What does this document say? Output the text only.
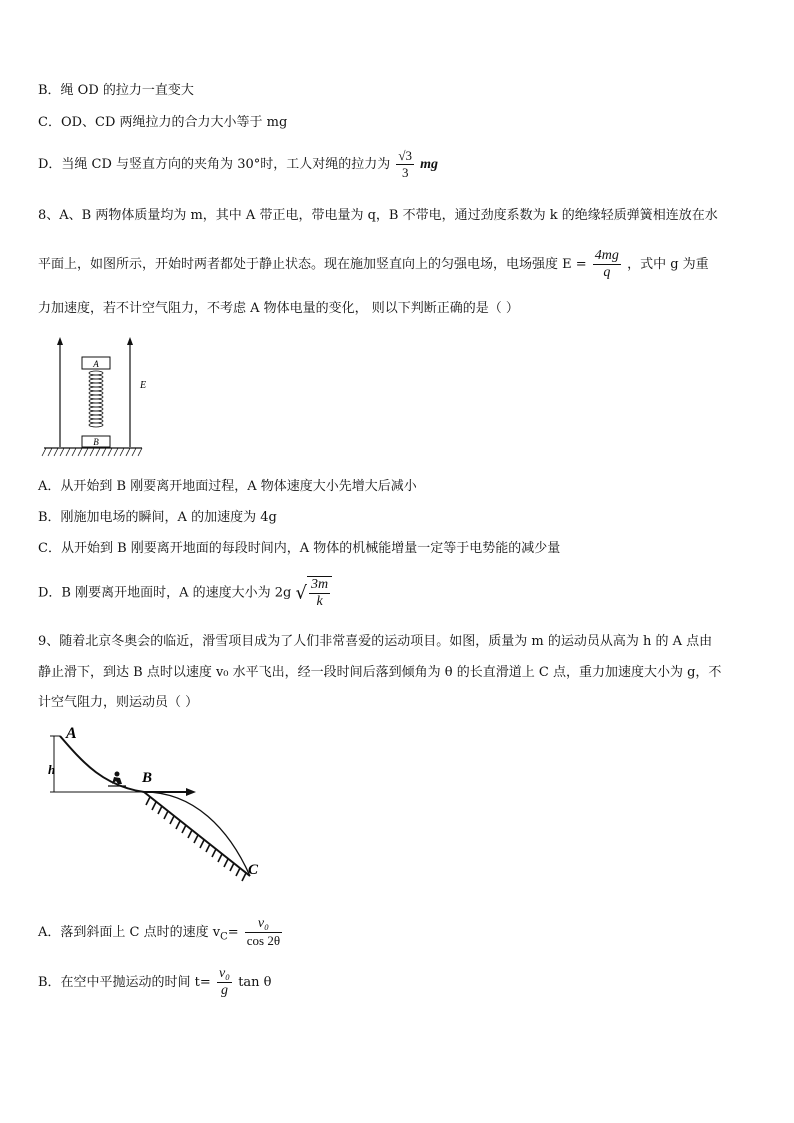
B．绳 OD 的拉力一直变大
C．OD、CD 两绳拉力的合力大小等于 mg
D．当绳 CD 与竖直方向的夹角为 30°时，工人对绳的拉力为 $\frac{√3}{3}$ mg
8、A、B 两物体质量均为 m，其中 A 带正电，带电量为 q，B 不带电，通过劲度系数为 k 的绝缘轻质弹簧相连放在水
平面上，如图所示，开始时两者都处于静止状态。现在施加竖直向上的匀强电场，电场强度 $E = \frac{4mg}{q}$ ，式中 g 为重
力加速度，若不计空气阻力，不考虑 A 物体电量的变化， 则以下判断正确的是（ ）
A
B
E
A．从开始到 B 刚要离开地面过程，A 物体速度大小先增大后减小
B．刚施加电场的瞬间，A 的加速度为 4g
C．从开始到 B 刚要离开地面的每段时间内，A 物体的机械能增量一定等于电势能的减少量
D．B 刚要离开地面时，A 的速度大小为 2g √ $\frac{3m}{k}$
9、随着北京冬奥会的临近，滑雪项目成为了人们非常喜爱的运动项目。如图，质量为 m 的运动员从高为 h 的 A 点由
静止滑下，到达 B 点时以速度 v₀ 水平飞出，经一段时间后落到倾角为 θ 的长直滑道上 C 点，重力加速度大小为 g，不
计空气阻力，则运动员（ ）
h
A
B
C
A．落到斜面上 C 点时的速度 $v_C= \frac{\text{v₀}}{\cos 2\theta}$
B．在空中平抛运动的时间 $t= \frac{\text{v₀}}{g}$ tan θ
